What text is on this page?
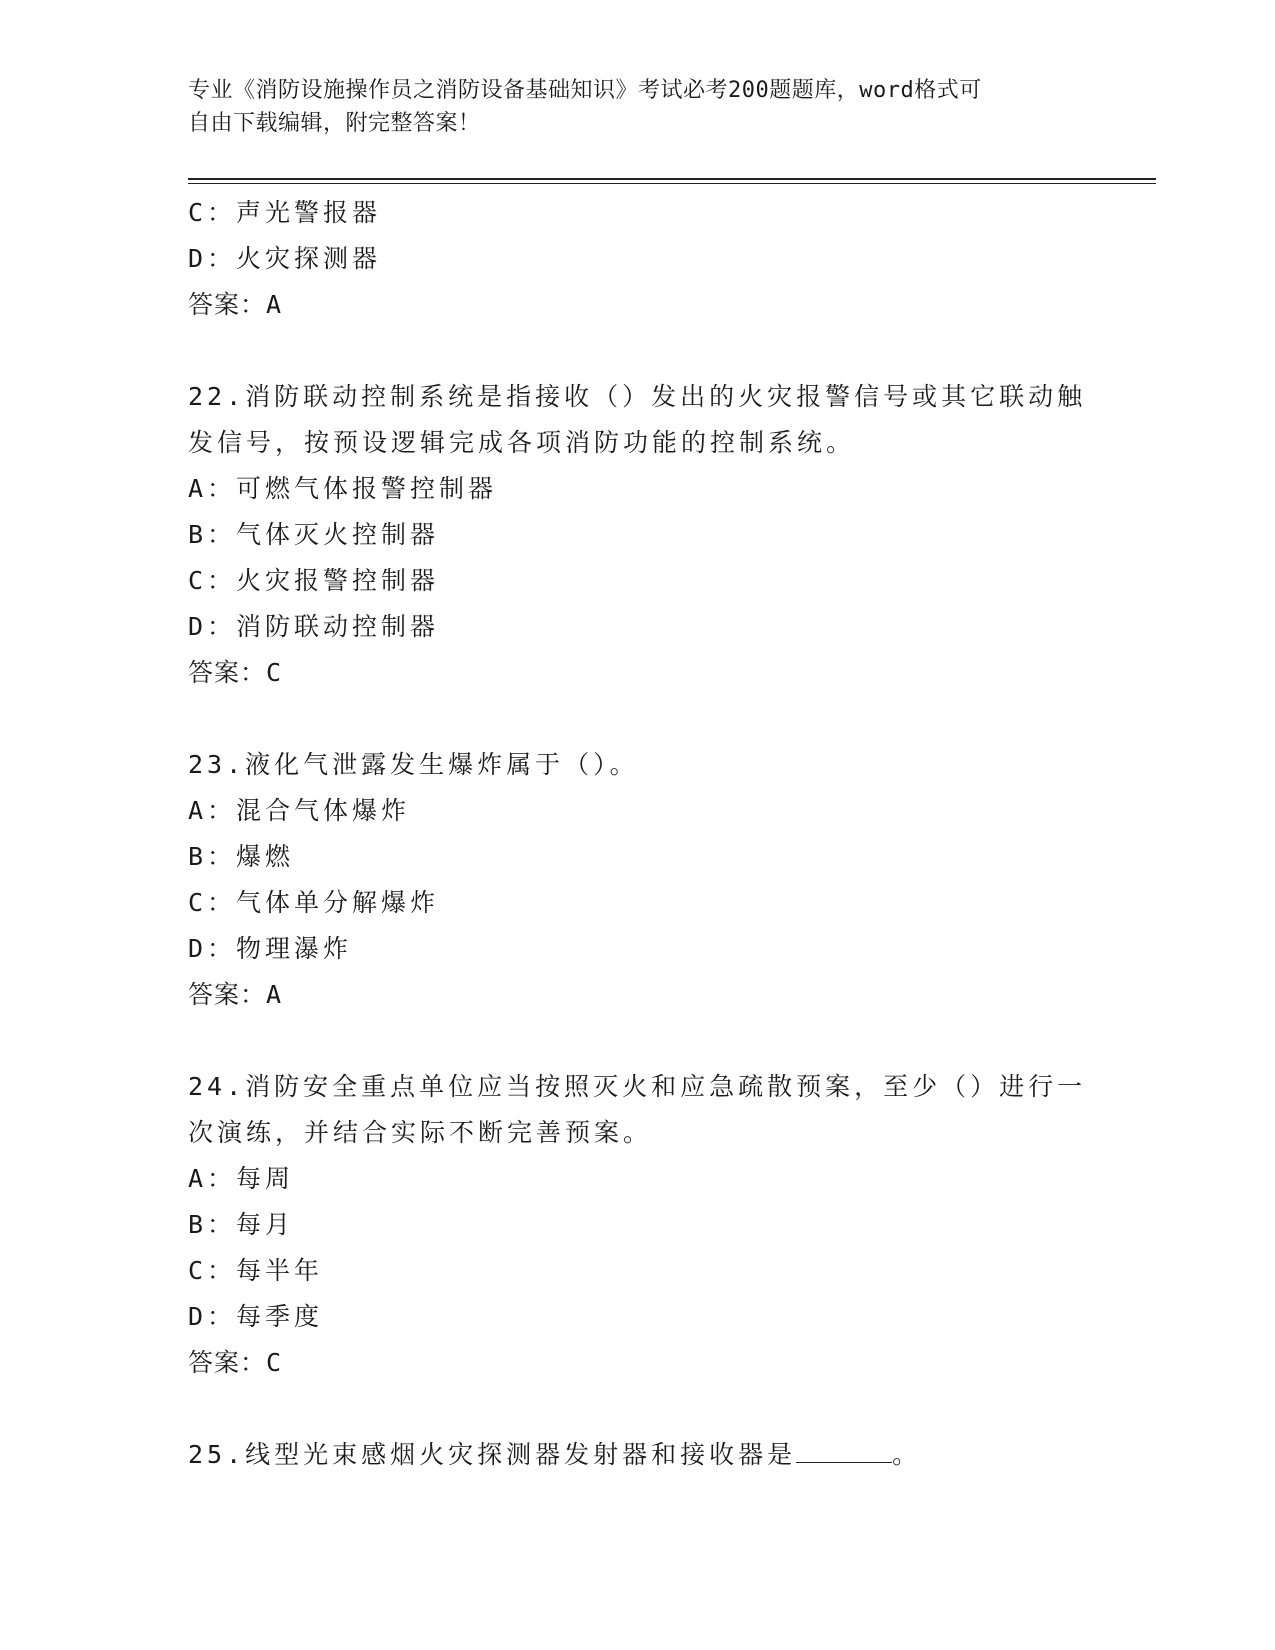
专业《消防设施操作员之消防设备基础知识》考试必考200题题库，word格式可
自由下载编辑，附完整答案！
C：声光警报器
D：火灾探测器
答案：A
22.消防联动控制系统是指接收（）发出的火灾报警信号或其它联动触
发信号，按预设逻辑完成各项消防功能的控制系统。
A：可燃气体报警控制器
B：气体灭火控制器
C：火灾报警控制器
D：消防联动控制器
答案：C
23.液化气泄露发生爆炸属于（）。
A：混合气体爆炸
B：爆燃
C：气体单分解爆炸
D：物理瀑炸
答案：A
24.消防安全重点单位应当按照灭火和应急疏散预案，至少（）进行一
次演练，并结合实际不断完善预案。
A：每周
B：每月
C：每半年
D：每季度
答案：C
25.线型光束感烟火灾探测器发射器和接收器是	。
